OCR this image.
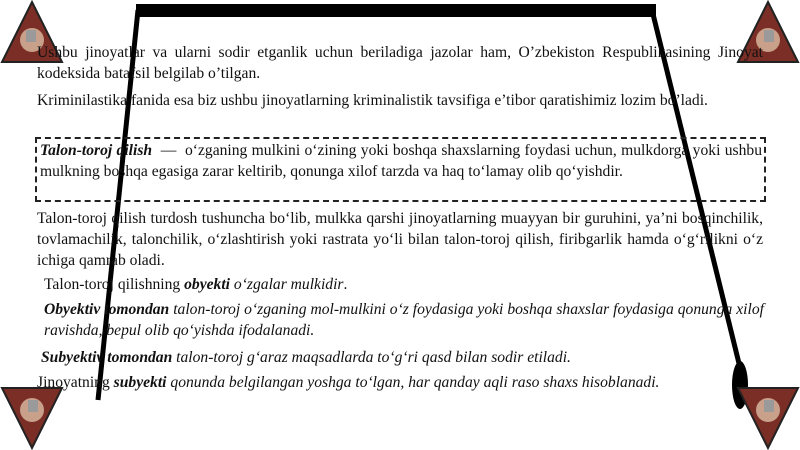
Ushbu jinoyatlar va ularni sodir etganlik uchun beriladiga jazolar ham, O’zbekiston Respublikasining Jinoyat kodeksida batafsil belgilab o’tilgan.

Kriminilastika fanida esa biz ushbu jinoyatlarning kriminalistik tavsifiga e’tibor qaratishimiz lozim bo’ladi.

Talon-toroj qilish — o‘zganing mulkini o‘zining yoki boshqa shaxslarning foydasi uchun, mulkdorga yoki ushbu mulkning boshqa egasiga zarar keltirib, qonunga xilof tarzda va haq to‘lamay olib qo‘yishdir.

Talon-toroj qilish turdosh tushuncha bo‘lib, mulkka qarshi jinoyatlarning muayyan bir guruhini, ya’ni bosqinchilik, tovlamachilik, talonchilik, o‘zlashtirish yoki rastrata yo‘li bilan talon-toroj qilish, firibgarlik hamda o‘g‘rilikni o‘z ichiga qamrab oladi.

Talon-toroj qilishning obyekti o‘zgalar mulkidir.

Obyektiv tomondan talon-toroj o‘zganing mol-mulkini o‘z foydasiga yoki boshqa shaxslar foydasiga qonunga xilof ravishda, bepul olib qo‘yishda ifodalanadi.

Subyektiv tomondan talon-toroj g‘araz maqsadlarda to‘g‘ri qasd bilan sodir etiladi.

Jinoyatning subyekti qonunda belgilangan yoshga to‘lgan, har qanday aqli raso shaxs hisoblanadi.
